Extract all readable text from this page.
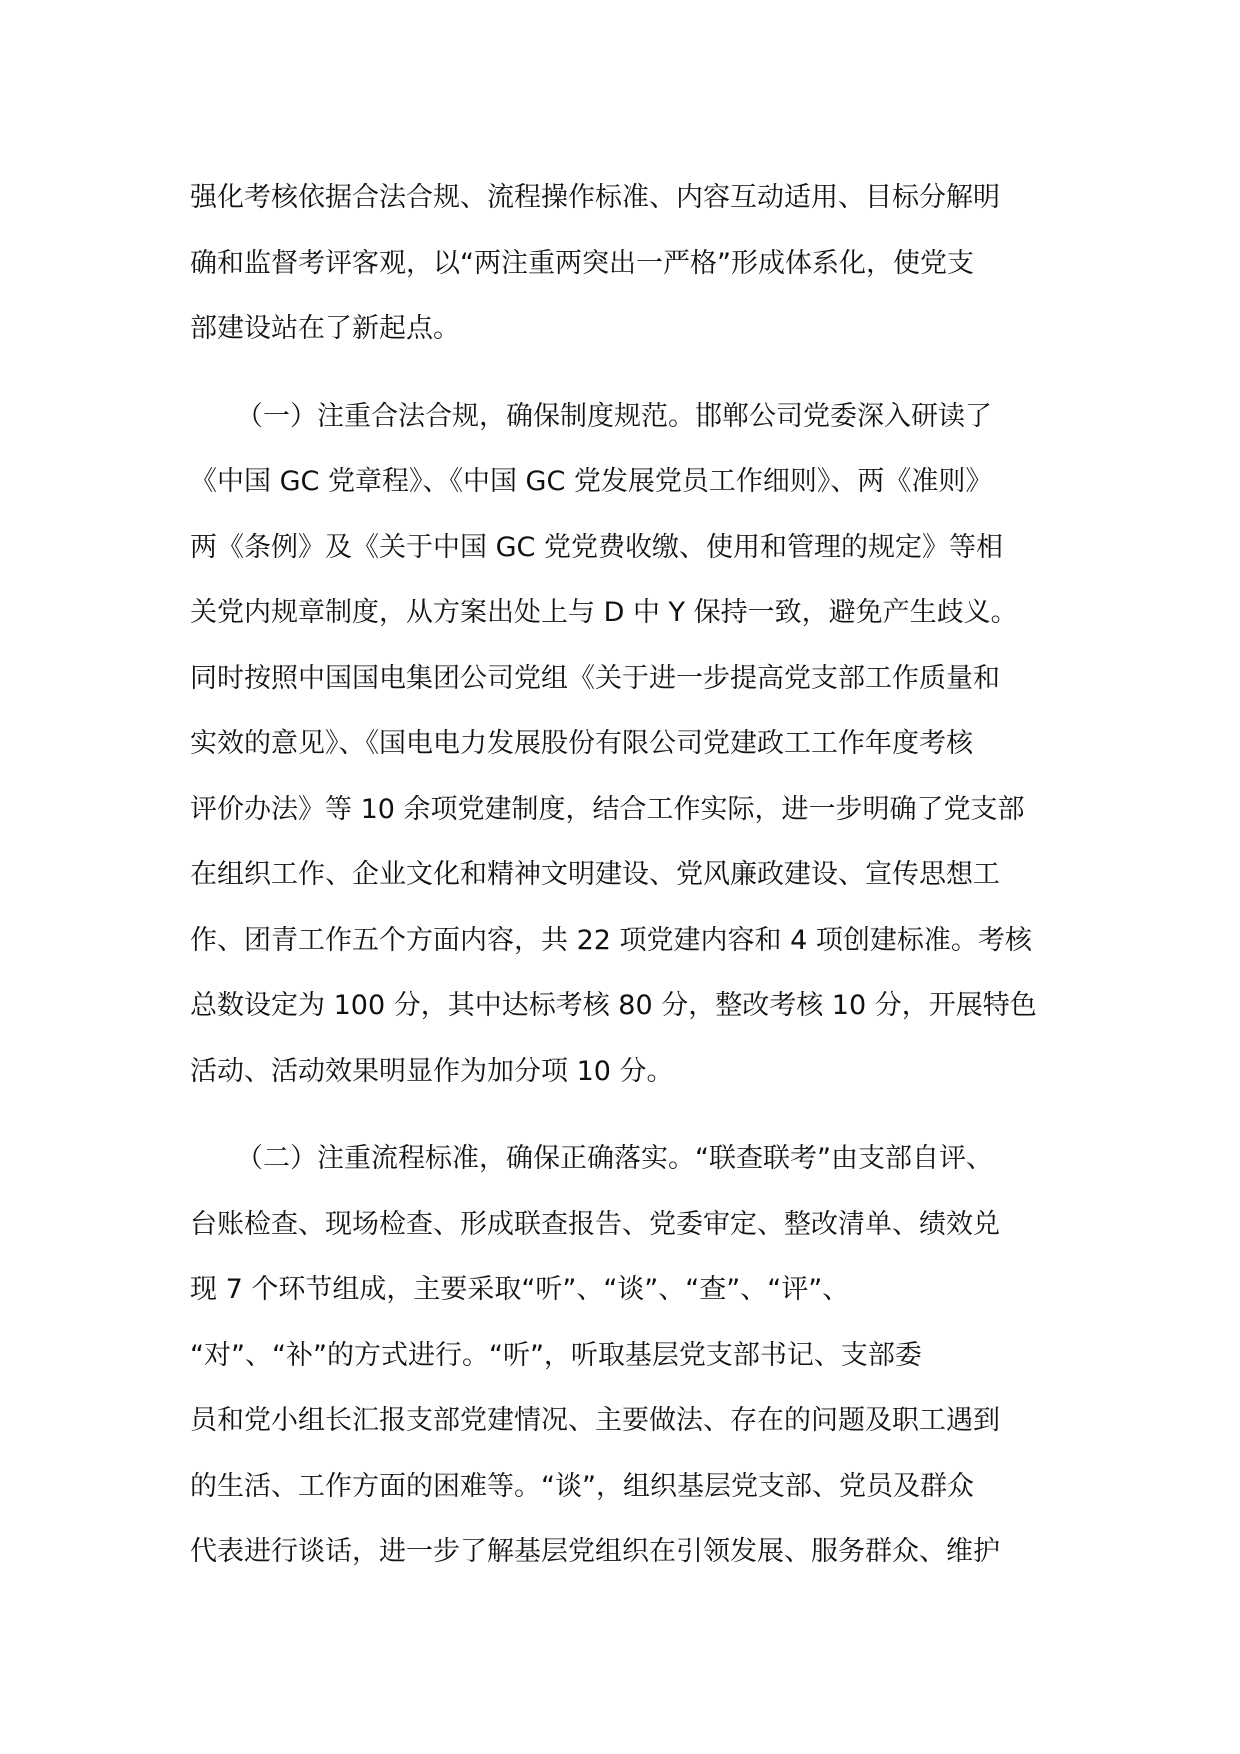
强化考核依据合法合规、流程操作标准、内容互动适用、目标分解明
确和监督考评客观，以“两注重两突出一严格”形成体系化，使党支
部建设站在了新起点。
（一）注重合法合规，确保制度规范。邯郸公司党委深入研读了
《中国 GC 党章程》、《中国 GC 党发展党员工作细则》、两《准则》
两《条例》及《关于中国 GC 党党费收缴、使用和管理的规定》等相
关党内规章制度，从方案出处上与 D 中 Y 保持一致，避免产生歧义。
同时按照中国国电集团公司党组《关于进一步提高党支部工作质量和
实效的意见》、《国电电力发展股份有限公司党建政工工作年度考核
评价办法》等 10 余项党建制度，结合工作实际，进一步明确了党支部
在组织工作、企业文化和精神文明建设、党风廉政建设、宣传思想工
作、团青工作五个方面内容，共 22 项党建内容和 4 项创建标准。考核
总数设定为 100 分，其中达标考核 80 分，整改考核 10 分，开展特色
活动、活动效果明显作为加分项 10 分。
（二）注重流程标准，确保正确落实。“联查联考”由支部自评、
台账检查、现场检查、形成联查报告、党委审定、整改清单、绩效兑
现 7 个环节组成，主要采取“听”、“谈”、“查”、“评”、
“对”、“补”的方式进行。“听”，听取基层党支部书记、支部委
员和党小组长汇报支部党建情况、主要做法、存在的问题及职工遇到
的生活、工作方面的困难等。“谈”，组织基层党支部、党员及群众
代表进行谈话，进一步了解基层党组织在引领发展、服务群众、维护
